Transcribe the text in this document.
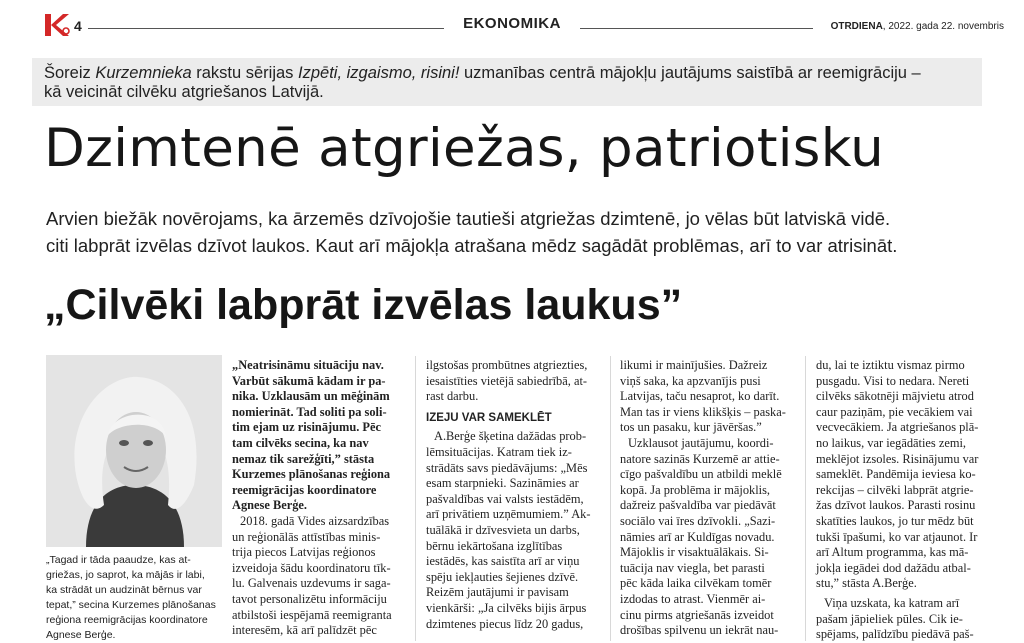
4	EKONOMIKA	OTRDIENA, 2022. gada 22. novembris
Šoreiz Kurzemnieka rakstu sērijas Izpēti, izgaismo, risini! uzmanības centrā mājokļu jautājums saistībā ar reemigrāciju –
kā veicināt cilvēku atgriešanos Latvijā.
Dzimtenē atgriežas, patriotisku
Arvien biežāk novērojams, ka ārzemēs dzīvojošie tautieši atgriežas dzimtenē, jo vēlas būt latviskā vidē.
citi labprāt izvēlas dzīvot laukos. Kaut arī mājokļa atrašana mēdz sagādāt problēmas, arī to var atrisināt.
„Cilvēki labprāt izvēlas laukus”
„Tagad ir tāda paaudze, kas at-
griežas, jo saprot, ka mājās ir labi,
ka strādāt un audzināt bērnus var
tepat,” secina Kurzemes plānošanas
reģiona reemigrācijas koordinatore
Agnese Berģe.
„Neatrisināmu situāciju nav.
Varbūt sākumā kādam ir pa-
nika. Uzklausām un mēģinām
nomierināt. Tad soliti pa soli-
tim ejam uz risinājumu. Pēc
tam cilvēks secina, ka nav
nemaz tik sarežģīti,” stāsta
Kurzemes plānošanas reģiona
reemigrācijas koordinatore
Agnese Berģe.
2018. gadā Vides aizsardzības
un reģionālās attīstības minis-
trija piecos Latvijas reģionos
izveidoja šādu koordinatoru tīk-
lu. Galvenais uzdevums ir saga-
tavot personalizētu informāciju
atbilstoši iespējamā reemigranta
interesēm, kā arī palīdzēt pēc
ilgstošas prombūtnes atgriezties,
iesaistīties vietējā sabiedrībā, at-
rast darbu.
IZEJU VAR SAMEKLĒT
A.Berģe šķetina dažādas prob-
lēmsituācijas. Katram tiek iz-
strādāts savs piedāvājums: „Mēs
esam starpnieki. Sazināmies ar
pašvaldības vai valsts iestādēm,
arī privātiem uzņēmumiem.” Ak-
tuālākā ir dzīvesvieta un darbs,
bērnu iekārtošana izglītības
iestādēs, kas saistīta arī ar viņu
spēju iekļauties šejienes dzīvē.
Reizēm jautājumi ir pavisam
vienkārši: „Ja cilvēks bijis ārpus
dzimtenes piecus līdz 20 gadus,
likumi ir mainījušies. Dažreiz
viņš saka, ka apzvanījis pusi
Latvijas, taču nesaprot, ko darīt.
Man tas ir viens klikšķis – paska-
tos un pasaku, kur jāvēršas.”
Uzklausot jautājumu, koordi-
natore sazinās Kurzemē ar attie-
cīgo pašvaldību un atbildi meklē
kopā. Ja problēma ir mājoklis,
dažreiz pašvaldība var piedāvāt
sociālo vai īres dzīvokli. „Sazi-
nāmies arī ar Kuldīgas novadu.
Mājoklis ir visaktuālākais. Si-
tuācija nav viegla, bet parasti
pēc kāda laika cilvēkam tomēr
izdodas to atrast. Vienmēr ai-
cinu pirms atgriešanās izveidot
drošības spilvenu un iekrāt nau-
du, lai te iztiktu vismaz pirmo
pusgadu. Visi to nedara. Nereti
cilvēks sākotnēji mājvietu atrod
caur paziņām, pie vecākiem vai
vecvecākiem. Ja atgriešanos plā-
no laikus, var iegādāties zemi,
meklējot izsoles. Risinājumu var
sameklēt. Pandēmija ieviesa ko-
rekcijas – cilvēki labprāt atgrie-
žas dzīvot laukos. Parasti rosinu
skatīties laukos, jo tur mēdz būt
tukši īpašumi, ko var atjaunot. Ir
arī Altum programma, kas mā-
jokļa iegādei dod dažādu atbal-
stu,” stāsta A.Berģe.
Viņa uzskata, ka katram arī
pašam jāpieliek pūles. Cik ie-
spējams, palīdzību piedāvā paš-
